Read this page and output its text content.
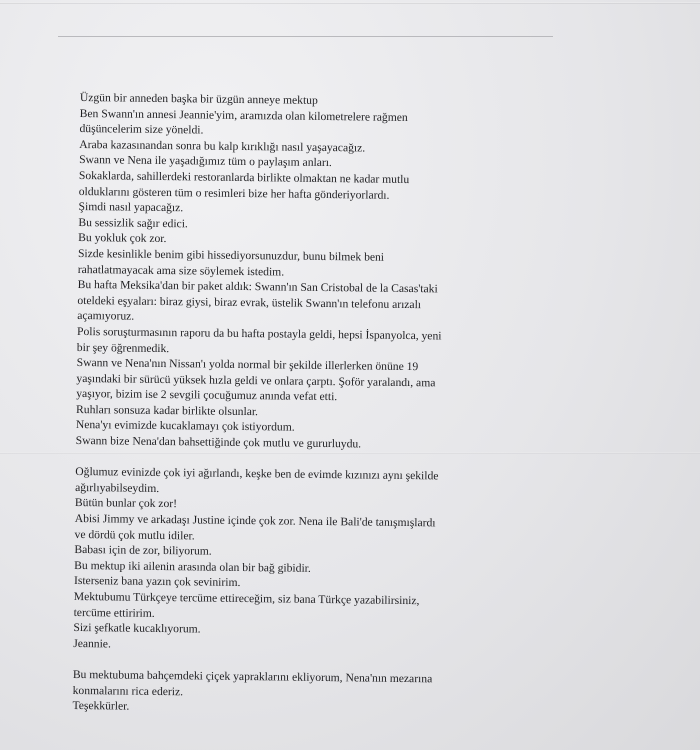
Üzgün bir anneden başka bir üzgün anneye mektup
Ben Swann'ın annesi Jeannie'yim, aramızda olan kilometrelere rağmen
düşüncelerim size yöneldi.
Araba kazasınandan sonra bu kalp kırıklığı nasıl yaşayacağız.
Swann ve Nena ile yaşadığımız tüm o paylaşım anları.
Sokaklarda, sahillerdeki restoranlarda birlikte olmaktan ne kadar mutlu
olduklarını gösteren tüm o resimleri bize her hafta gönderiyorlardı.
Şimdi nasıl yapacağız.
Bu sessizlik sağır edici.
Bu yokluk çok zor.
Sizde kesinlikle benim gibi hissediyorsunuzdur, bunu bilmek beni
rahatlatmayacak ama size söylemek istedim.
Bu hafta Meksika'dan bir paket aldık: Swann'ın San Cristobal de la Casas'taki
oteldeki eşyaları: biraz giysi, biraz evrak, üstelik Swann'ın telefonu arızalı
açamıyoruz.
Polis soruşturmasının raporu da bu hafta postayla geldi, hepsi İspanyolca, yeni
bir şey öğrenmedik.
Swann ve Nena'nın Nissan'ı yolda normal bir şekilde illerlerken önüne 19
yaşındaki bir sürücü yüksek hızla geldi ve onlara çarptı. Şoför yaralandı, ama
yaşıyor, bizim ise 2 sevgili çocuğumuz anında vefat etti.
Ruhları sonsuza kadar birlikte olsunlar.
Nena'yı evimizde kucaklamayı çok istiyordum.
Swann bize Nena'dan bahsettiğinde çok mutlu ve gururluydu.
Oğlumuz evinizde çok iyi ağırlandı, keşke ben de evimde kızınızı aynı şekilde
ağırlıyabilseydim.
Bütün bunlar çok zor!
Abisi Jimmy ve arkadaşı Justine içinde çok zor. Nena ile Bali'de tanışmışlardı
ve dördü çok mutlu idiler.
Babası için de zor, biliyorum.
Bu mektup iki ailenin arasında olan bir bağ gibidir.
Isterseniz bana yazın çok sevinirim.
Mektubumu Türkçeye tercüme ettireceğim, siz bana Türkçe yazabilirsiniz,
tercüme ettiririm.
Sizi şefkatle kucaklıyorum.
Jeannie.
Bu mektubuma bahçemdeki çiçek yapraklarını ekliyorum, Nena'nın mezarına
konmalarını rica ederiz.
Teşekkürler.
